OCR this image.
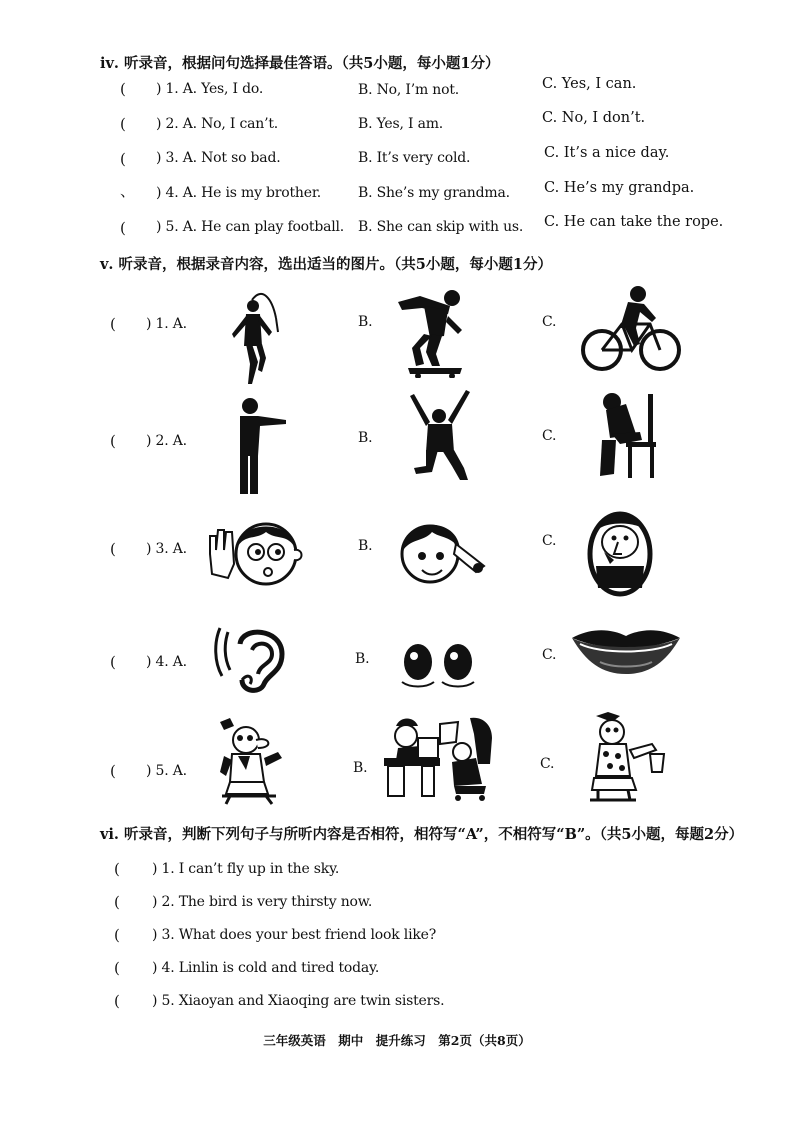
ⅳ. 听录音，根据问句选择最佳答语。（共5小题，每小题1分）
( ) 1. A. Yes, I do.	B. No, I’m not.	C. Yes, I can.
( ) 2. A. No, I can’t.	B. Yes, I am.	C. No, I don’t.
( ) 3. A. Not so bad.	B. It’s very cold.	C. It’s a nice day.
、 ) 4. A. He is my brother.	B. She’s my grandma. C. He’s my grandpa.
( ) 5. A. He can play football. B. She can skip with us. C. He can take the rope.
ⅴ. 听录音，根据录音内容，选出适当的图片。（共5小题，每小题1分）
( ) 1. A.	B.	C.
( ) 2. A.	B.	C.
( ) 3. A.	B.	C.
( ) 4. A.	B.	C.
( ) 5. A.	B.	C.
ⅵ. 听录音，判断下列句子与所听内容是否相符，相符写“A”，不相符写“B”。（共5小题，每题2分）
( ) 1. I can’t fly up in the sky.
( ) 2. The bird is very thirsty now.
( ) 3. What does your best friend look like?
( ) 4. Linlin is cold and tired today.
( ) 5. Xiaoyan and Xiaoqing are twin sisters.
三年级英语　期中　提升练习　第2页（共8页）
